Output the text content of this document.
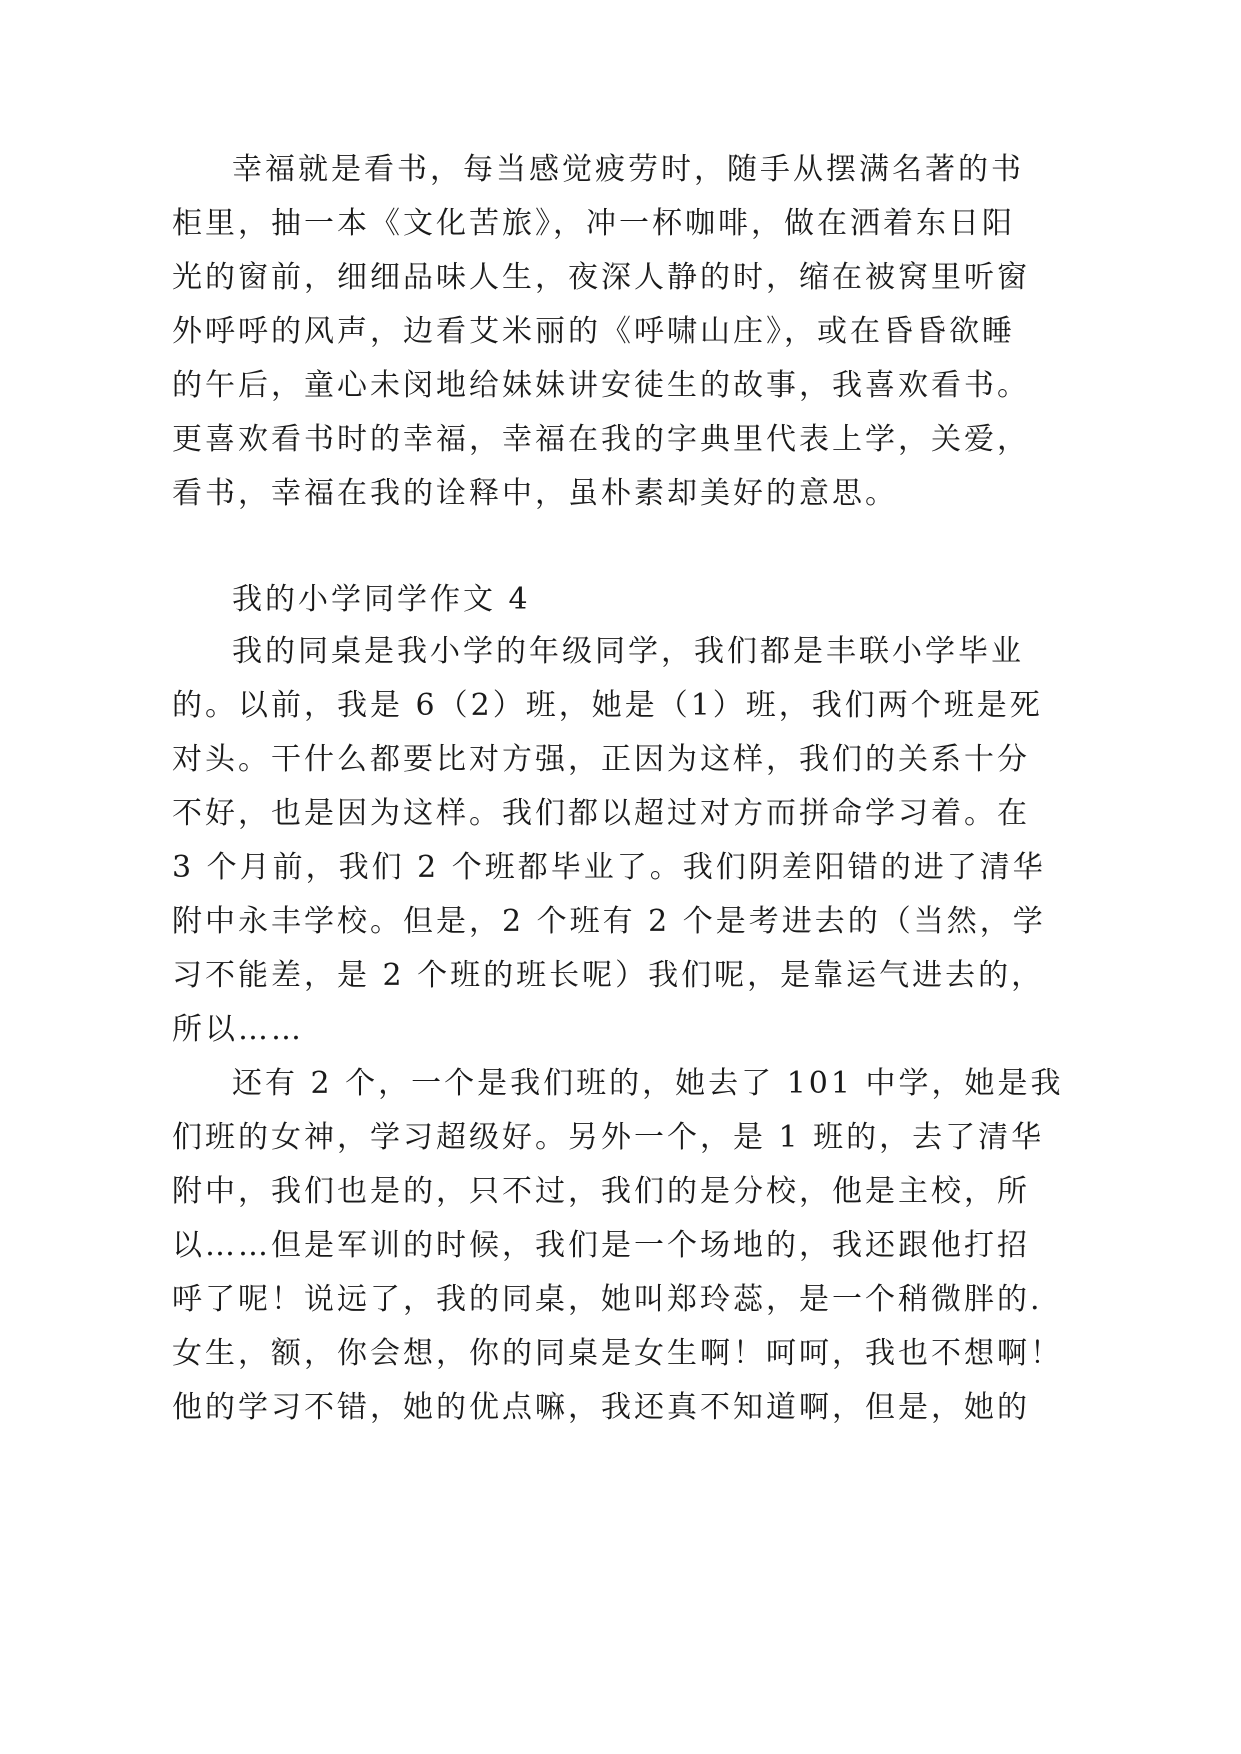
幸福就是看书，每当感觉疲劳时，随手从摆满名著的书
柜里，抽一本《文化苦旅》，冲一杯咖啡，做在洒着东日阳
光的窗前，细细品味人生，夜深人静的时，缩在被窝里听窗
外呼呼的风声，边看艾米丽的《呼啸山庄》，或在昏昏欲睡
的午后，童心未闵地给妹妹讲安徒生的故事，我喜欢看书。
更喜欢看书时的幸福，幸福在我的字典里代表上学，关爱，
看书，幸福在我的诠释中，虽朴素却美好的意思。
我的小学同学作文 4
我的同桌是我小学的年级同学，我们都是丰联小学毕业
的。以前，我是 6（2）班，她是（1）班，我们两个班是死
对头。干什么都要比对方强，正因为这样，我们的关系十分
不好，也是因为这样。我们都以超过对方而拼命学习着。在
3 个月前，我们 2 个班都毕业了。我们阴差阳错的进了清华
附中永丰学校。但是，2 个班有 2 个是考进去的（当然，学
习不能差，是 2 个班的班长呢）我们呢，是靠运气进去的，
所以……
还有 2 个，一个是我们班的，她去了 101 中学，她是我
们班的女神，学习超级好。另外一个，是 1 班的，去了清华
附中，我们也是的，只不过，我们的是分校，他是主校，所
以……但是军训的时候，我们是一个场地的，我还跟他打招
呼了呢！说远了，我的同桌，她叫郑玲蕊，是一个稍微胖的.
女生，额，你会想，你的同桌是女生啊！呵呵，我也不想啊！
他的学习不错，她的优点嘛，我还真不知道啊，但是，她的
